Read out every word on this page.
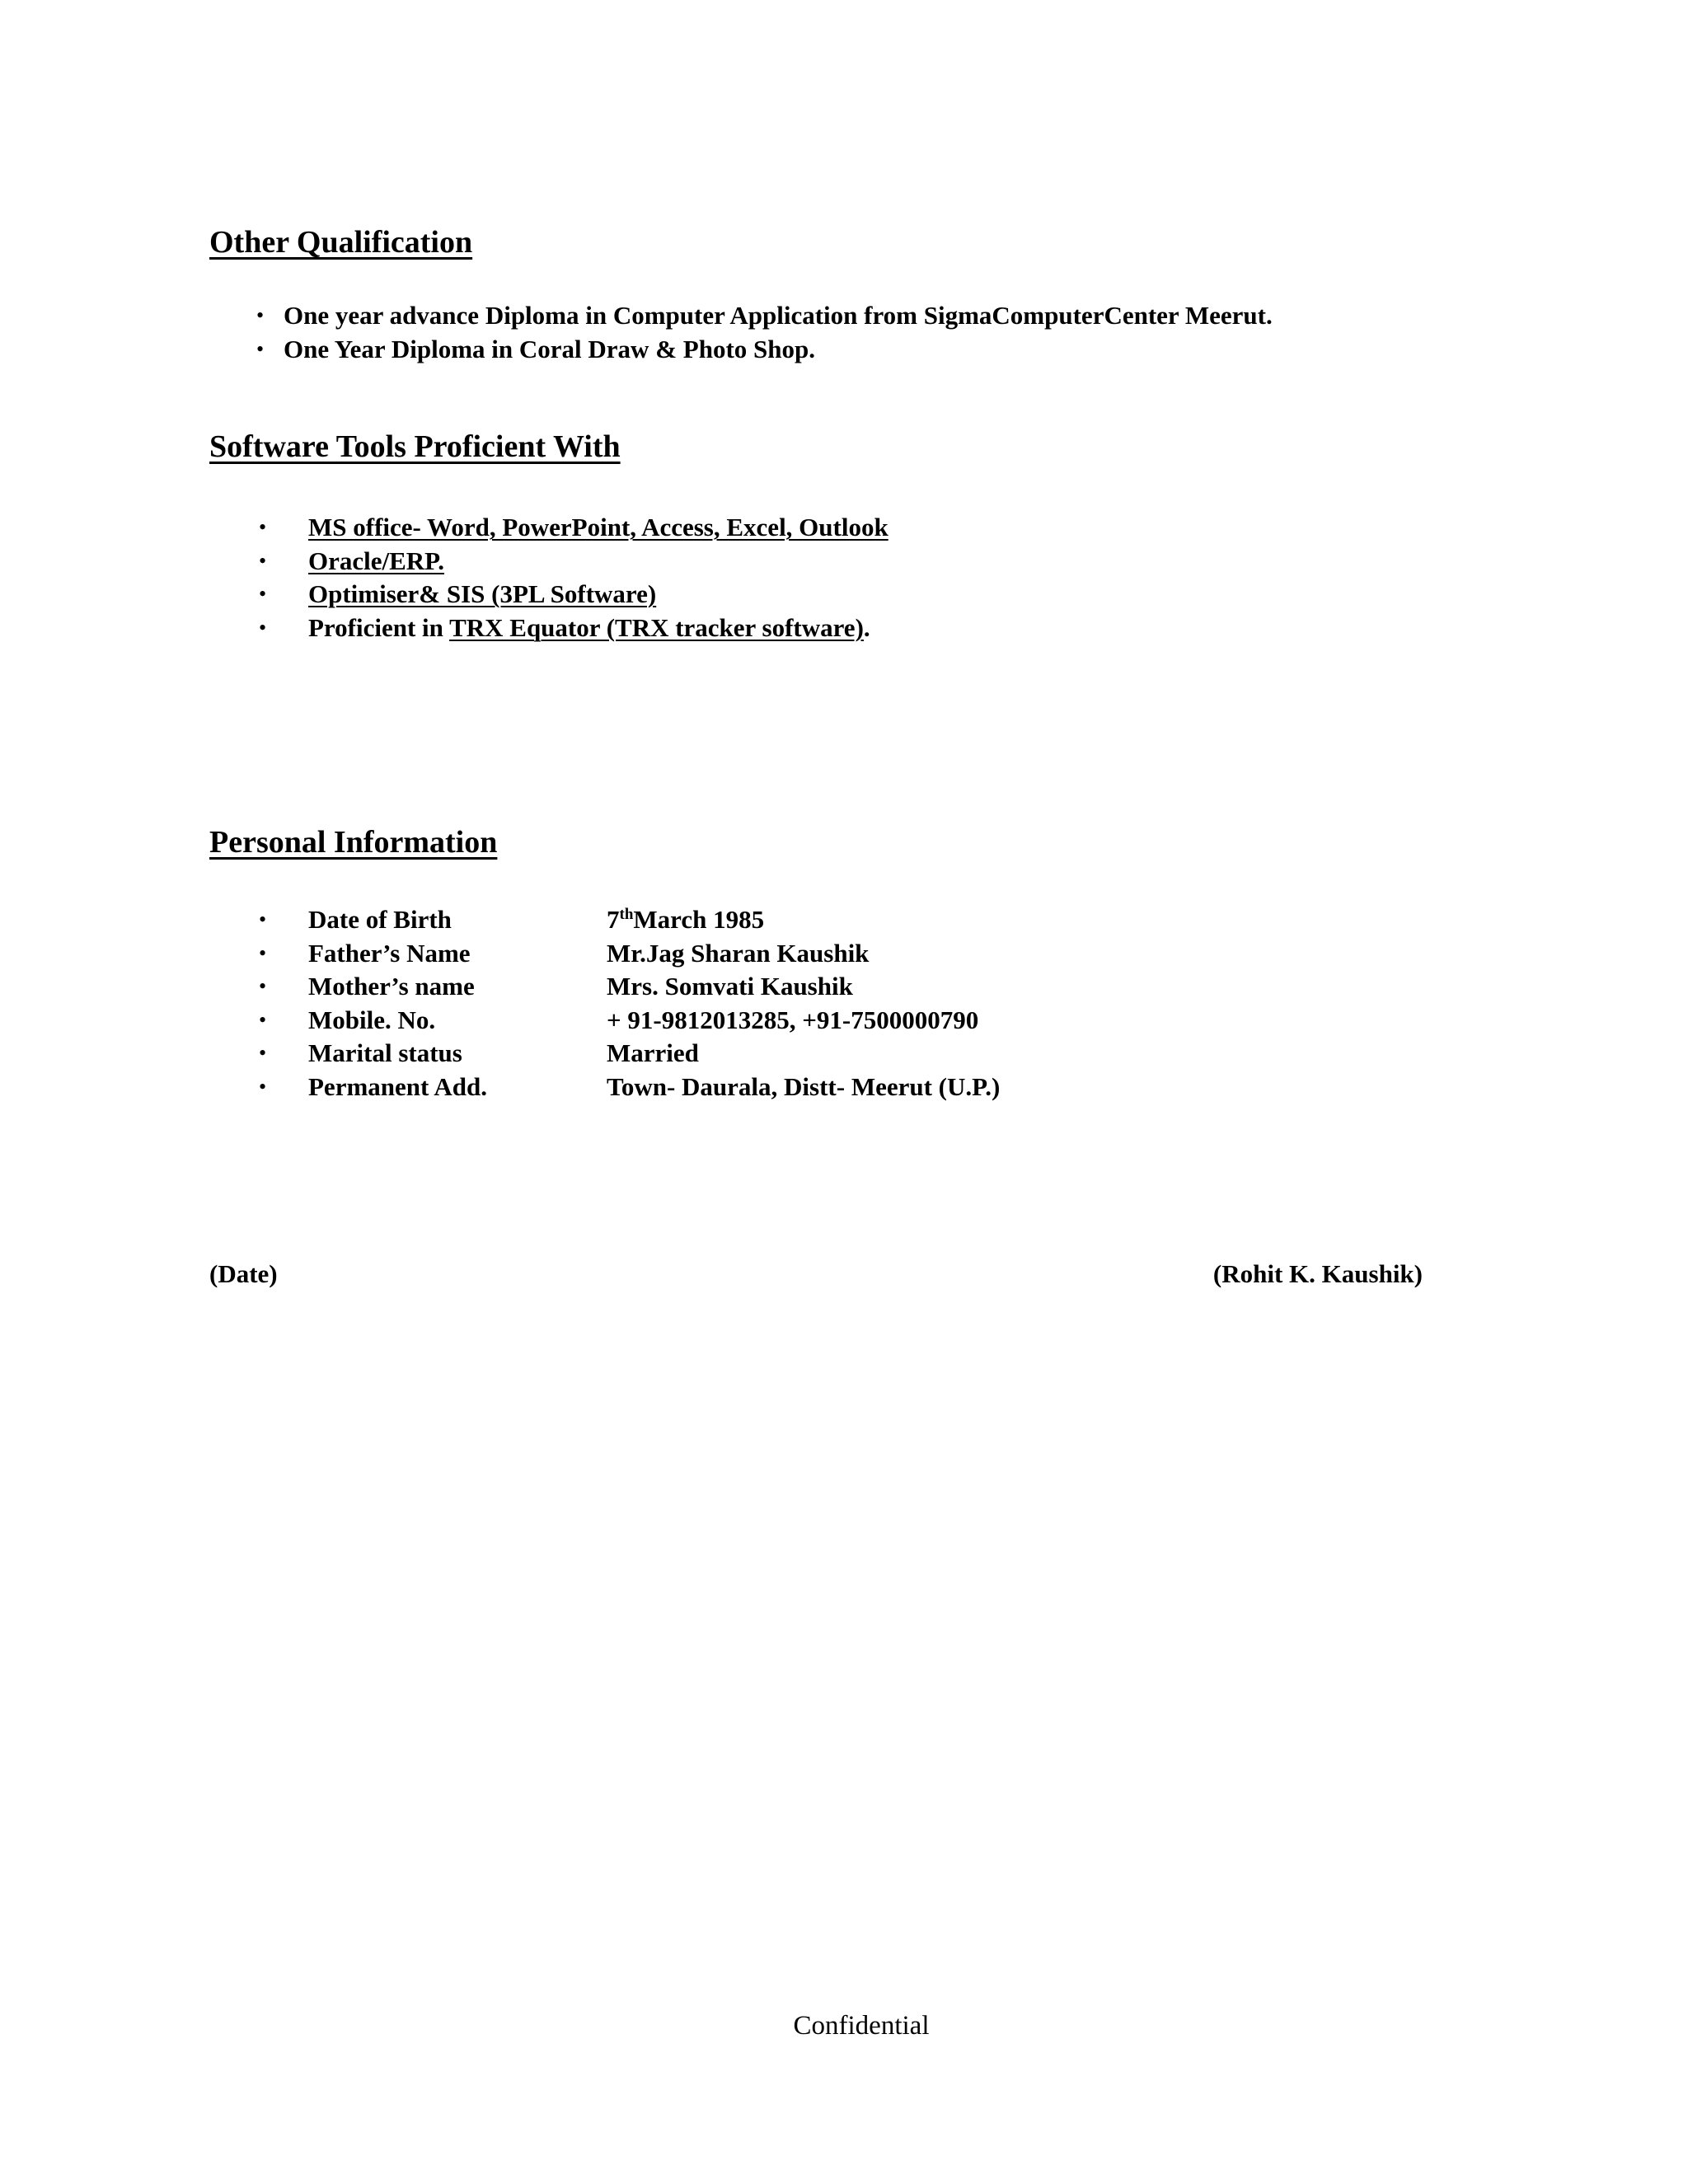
Other Qualification
• One year advance Diploma in Computer Application from SigmaComputerCenter Meerut.
• One Year Diploma in Coral Draw & Photo Shop.
Software Tools Proficient With
• MS office- Word, PowerPoint, Access, Excel, Outlook
• Oracle/ERP.
• Optimiser& SIS (3PL Software)
• Proficient in TRX Equator (TRX tracker software).
Personal Information
• Date of Birth	7thMarch 1985
• Father’s Name	Mr.Jag Sharan Kaushik
• Mother’s name	Mrs. Somvati Kaushik
• Mobile. No.	+ 91-9812013285, +91-7500000790
• Marital status	Married
• Permanent Add.	Town- Daurala, Distt- Meerut (U.P.)

(Date)	(Rohit K. Kaushik)

Confidential
